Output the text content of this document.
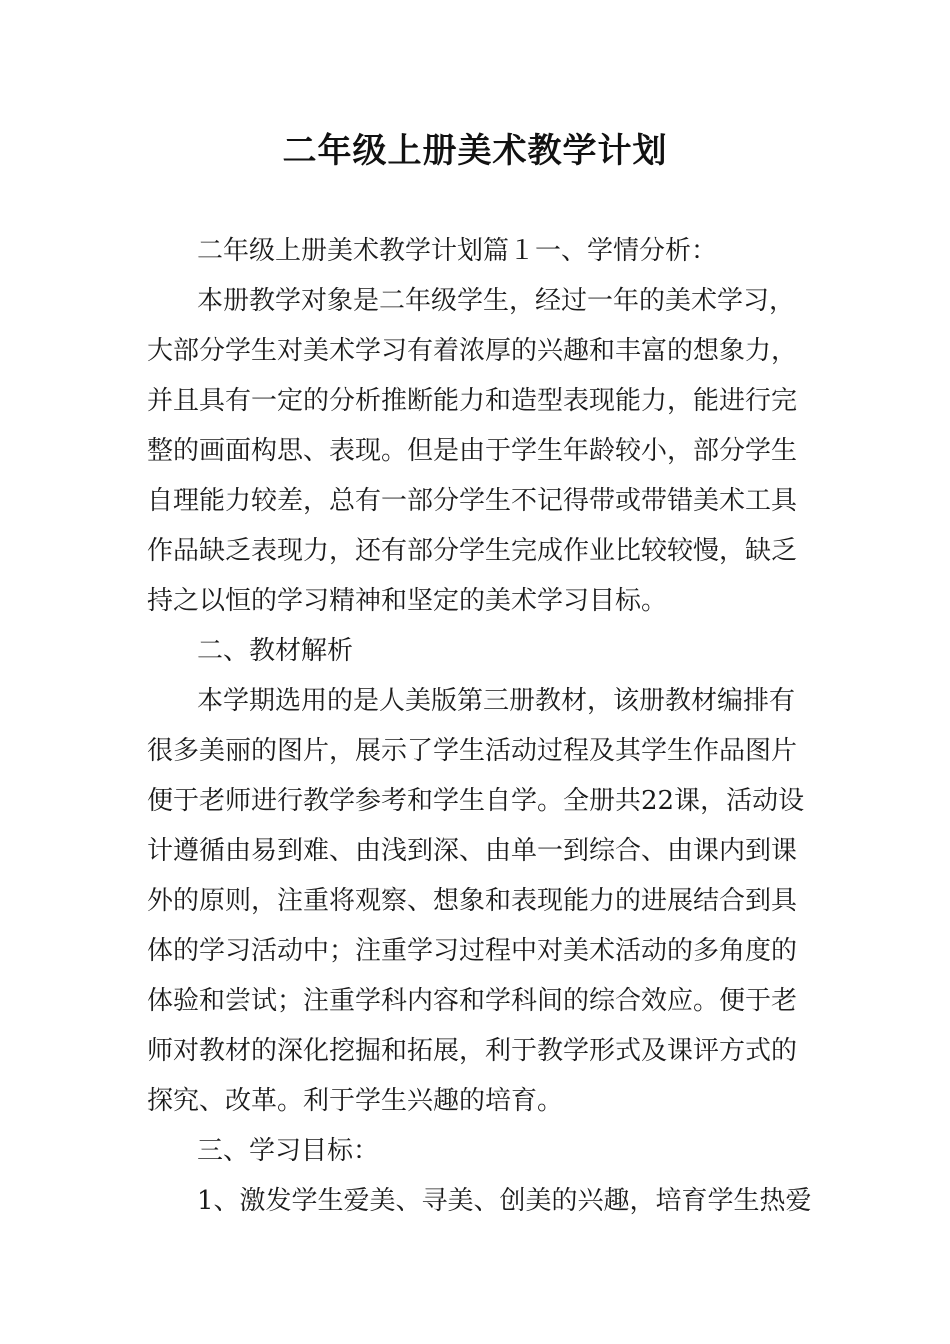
二年级上册美术教学计划
二年级上册美术教学计划篇１一、学情分析：
本册教学对象是二年级学生，经过一年的美术学习，
大部分学生对美术学习有着浓厚的兴趣和丰富的想象力，
并且具有一定的分析推断能力和造型表现能力，能进行完
整的画面构思、表现。但是由于学生年龄较小，部分学生
自理能力较差，总有一部分学生不记得带或带错美术工具
作品缺乏表现力，还有部分学生完成作业比较较慢，缺乏
持之以恒的学习精神和坚定的美术学习目标。
二、教材解析
本学期选用的是人美版第三册教材，该册教材编排有
很多美丽的图片，展示了学生活动过程及其学生作品图片
便于老师进行教学参考和学生自学。全册共22课，活动设
计遵循由易到难、由浅到深、由单一到综合、由课内到课
外的原则，注重将观察、想象和表现能力的进展结合到具
体的学习活动中；注重学习过程中对美术活动的多角度的
体验和尝试；注重学科内容和学科间的综合效应。便于老
师对教材的深化挖掘和拓展，利于教学形式及课评方式的
探究、改革。利于学生兴趣的培育。
三、学习目标：
1、激发学生爱美、寻美、创美的兴趣，培育学生热爱
